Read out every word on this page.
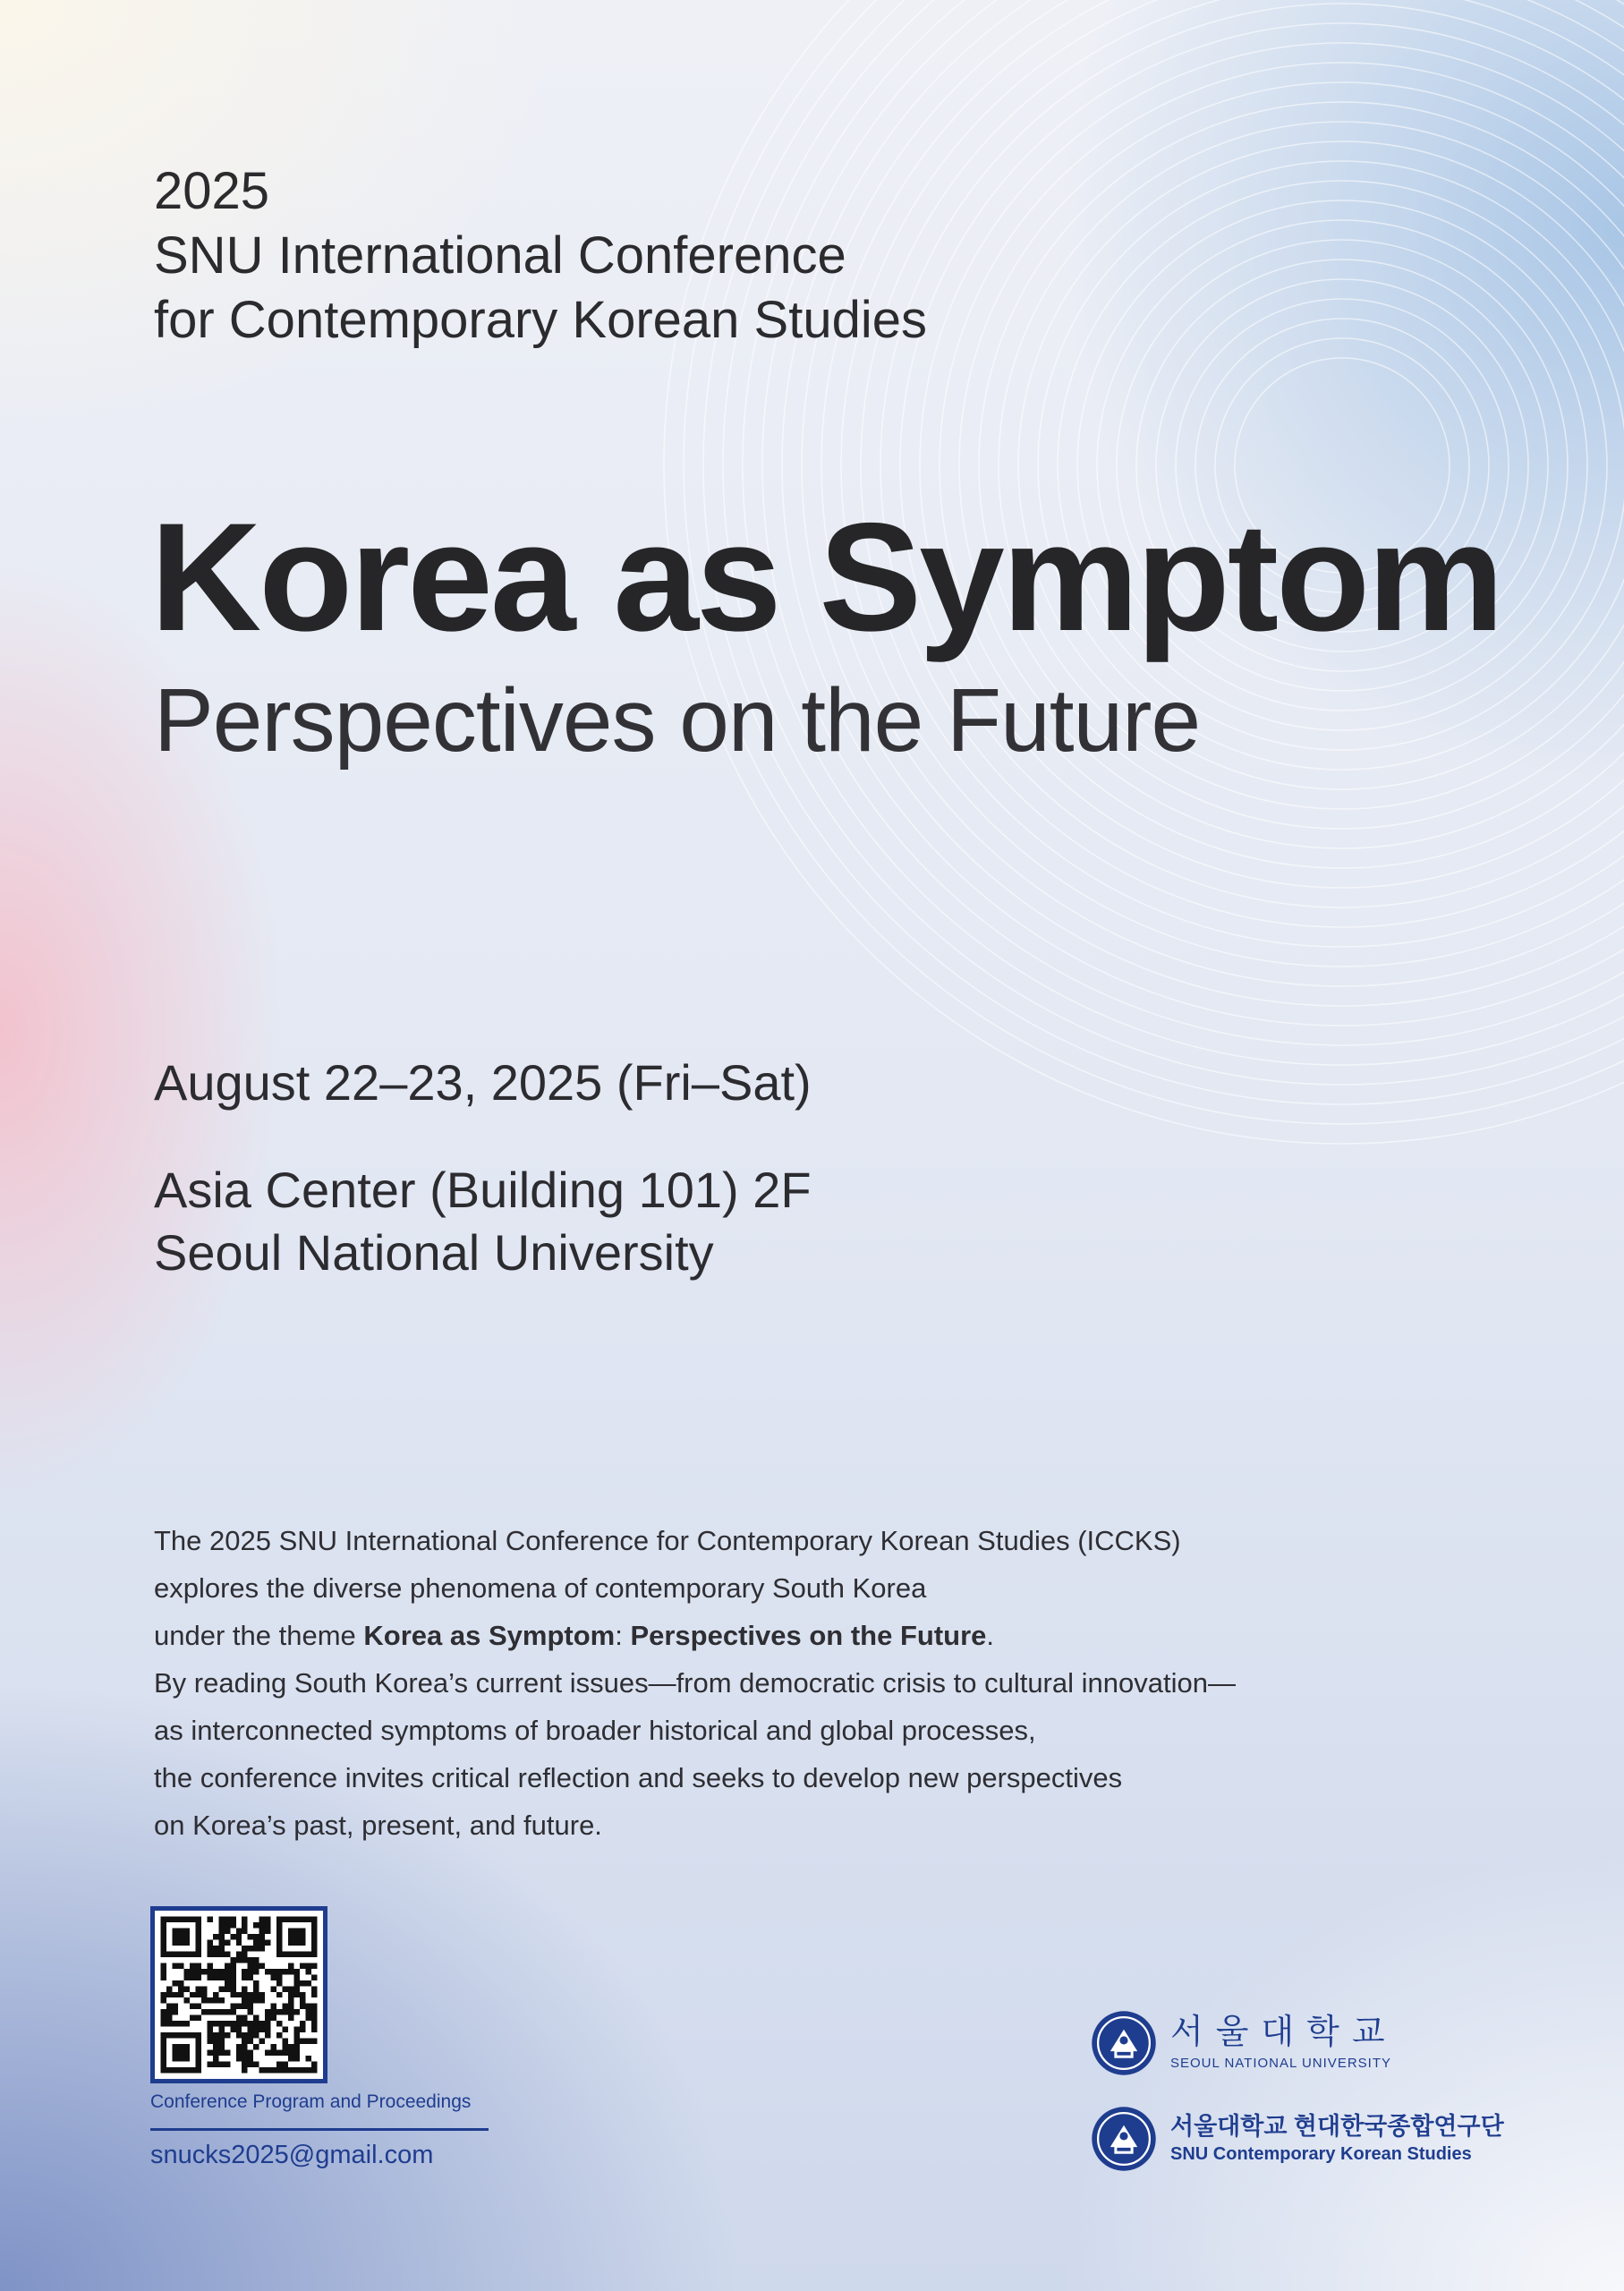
2025
SNU International Conference
for Contemporary Korean Studies
Korea as Symptom
Perspectives on the Future
August 22–23, 2025 (Fri–Sat)
Asia Center (Building 101) 2F
Seoul National University
The 2025 SNU International Conference for Contemporary Korean Studies (ICCKS)
explores the diverse phenomena of contemporary South Korea
under the theme Korea as Symptom: Perspectives on the Future.
By reading South Korea’s current issues—from democratic crisis to cultural innovation—
as interconnected symptoms of broader historical and global processes,
the conference invites critical reflection and seeks to develop new perspectives
on Korea’s past, present, and future.
Conference Program and Proceedings
snucks2025@gmail.com
서울대학교
SEOUL NATIONAL UNIVERSITY
서울대학교 현대한국종합연구단
SNU Contemporary Korean Studies
